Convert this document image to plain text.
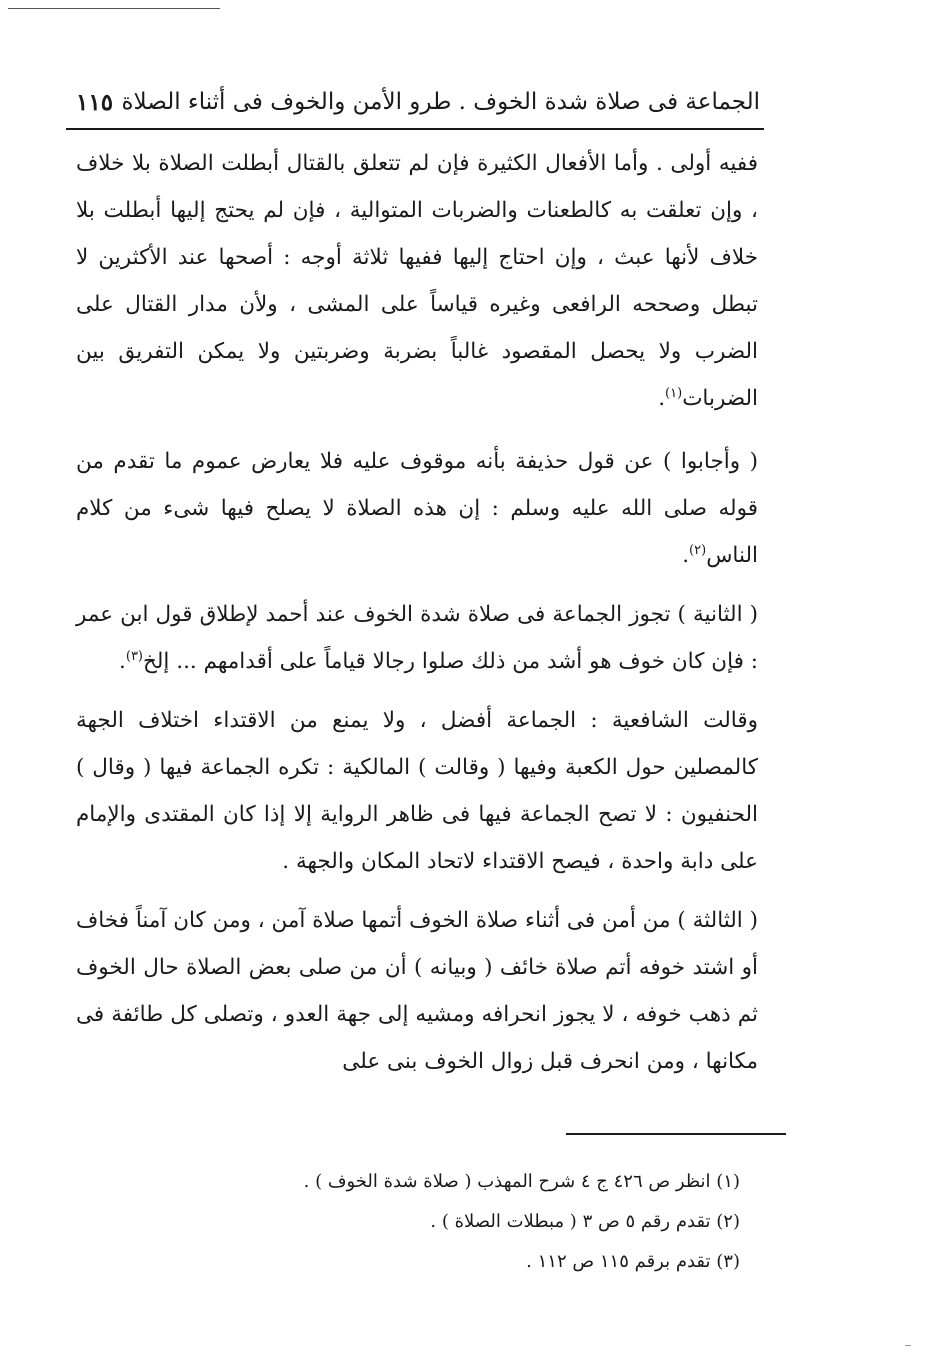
الجماعة فى صلاة شدة الخوف . طرو الأمن والخوف فى أثناء الصلاة
١١٥

ففيه أولى . وأما الأفعال الكثيرة فإن لم تتعلق بالقتال أبطلت الصلاة بلا خلاف ، وإن تعلقت به كالطعنات والضربات المتوالية ، فإن لم يحتج إليها أبطلت بلا خلاف لأنها عبث ، وإن احتاج إليها ففيها ثلاثة أوجه : أصحها عند الأكثرين لا تبطل وصححه الرافعى وغيره قياساً على المشى ، ولأن مدار القتال على الضرب ولا يحصل المقصود غالباً بضربة وضربتين ولا يمكن التفريق بين الضربات$^{(١)}$.

( وأجابوا ) عن قول حذيفة بأنه موقوف عليه فلا يعارض عموم ما تقدم من قوله صلى الله عليه وسلم : إن هذه الصلاة لا يصلح فيها شىء من كلام الناس$^{(٢)}$.

( الثانية ) تجوز الجماعة فى صلاة شدة الخوف عند أحمد لإطلاق قول ابن عمر : فإن كان خوف هو أشد من ذلك صلوا رجالا قياماً على أقدامهم ... إلخ$^{(٣)}$.

وقالت الشافعية : الجماعة أفضل ، ولا يمنع من الاقتداء اختلاف الجهة كالمصلين حول الكعبة وفيها ( وقالت ) المالكية : تكره الجماعة فيها ( وقال ) الحنفيون : لا تصح الجماعة فيها فى ظاهر الرواية إلا إذا كان المقتدى والإمام على دابة واحدة ، فيصح الاقتداء لاتحاد المكان والجهة .

( الثالثة ) من أمن فى أثناء صلاة الخوف أتمها صلاة آمن ، ومن كان آمناً فخاف أو اشتد خوفه أتم صلاة خائف ( وبيانه ) أن من صلى بعض الصلاة حال الخوف ثم ذهب خوفه ، لا يجوز انحرافه ومشيه إلى جهة العدو ، وتصلى كل طائفة فى مكانها ، ومن انحرف قبل زوال الخوف بنى على

(١) انظر ص ٤٢٦ ج ٤ شرح المهذب ( صلاة شدة الخوف ) .
(٢) تقدم رقم ٥ ص ٣ ( مبطلات الصلاة ) .
(٣) تقدم برقم ١١٥ ص ١١٢ .
